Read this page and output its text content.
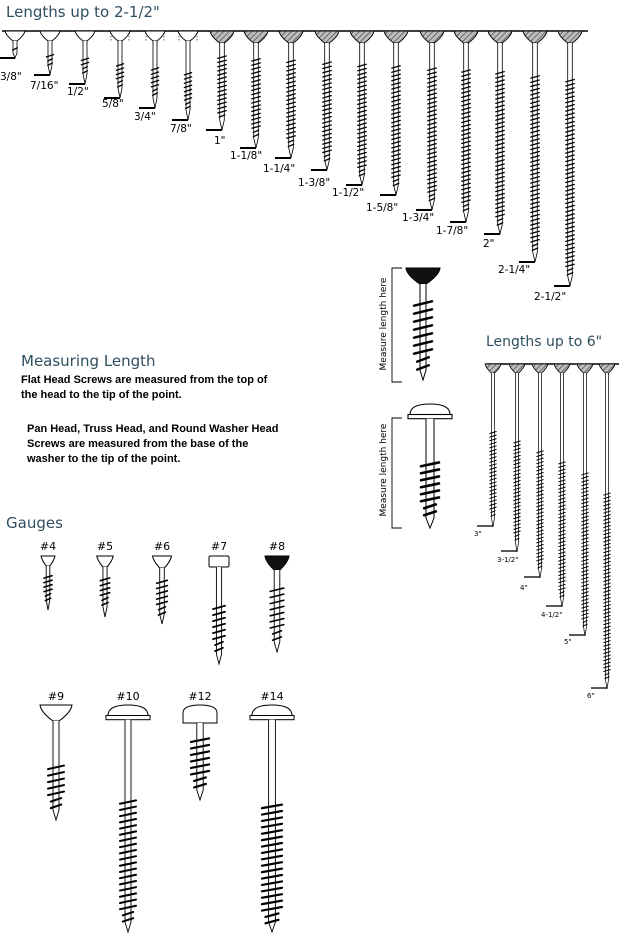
3/8"
7/16" 1/2"
5/8"
3/4"
7/8"
1"
1-1/8"
1-1/4"
1-3/8"
1-1/2"
1-5/8"
1-3/4"
1-7/8"
2"
2-1/4"
2-1/2"
Measure length here
Measure length here
3"
3-1/2"
4"
4-1/2"
5"
6"
#4	#5	#6	#7	#8
#9	#10	#12	#14
Lengths up to 2-1/2"
Lengths up to 6"
Measuring Length

Flat Head Screws are measured from the top of the head to the tip of the point.

Pan Head, Truss Head, and Round Washer Head Screws are measured from the base of the washer to the tip of the point.

Gauges
